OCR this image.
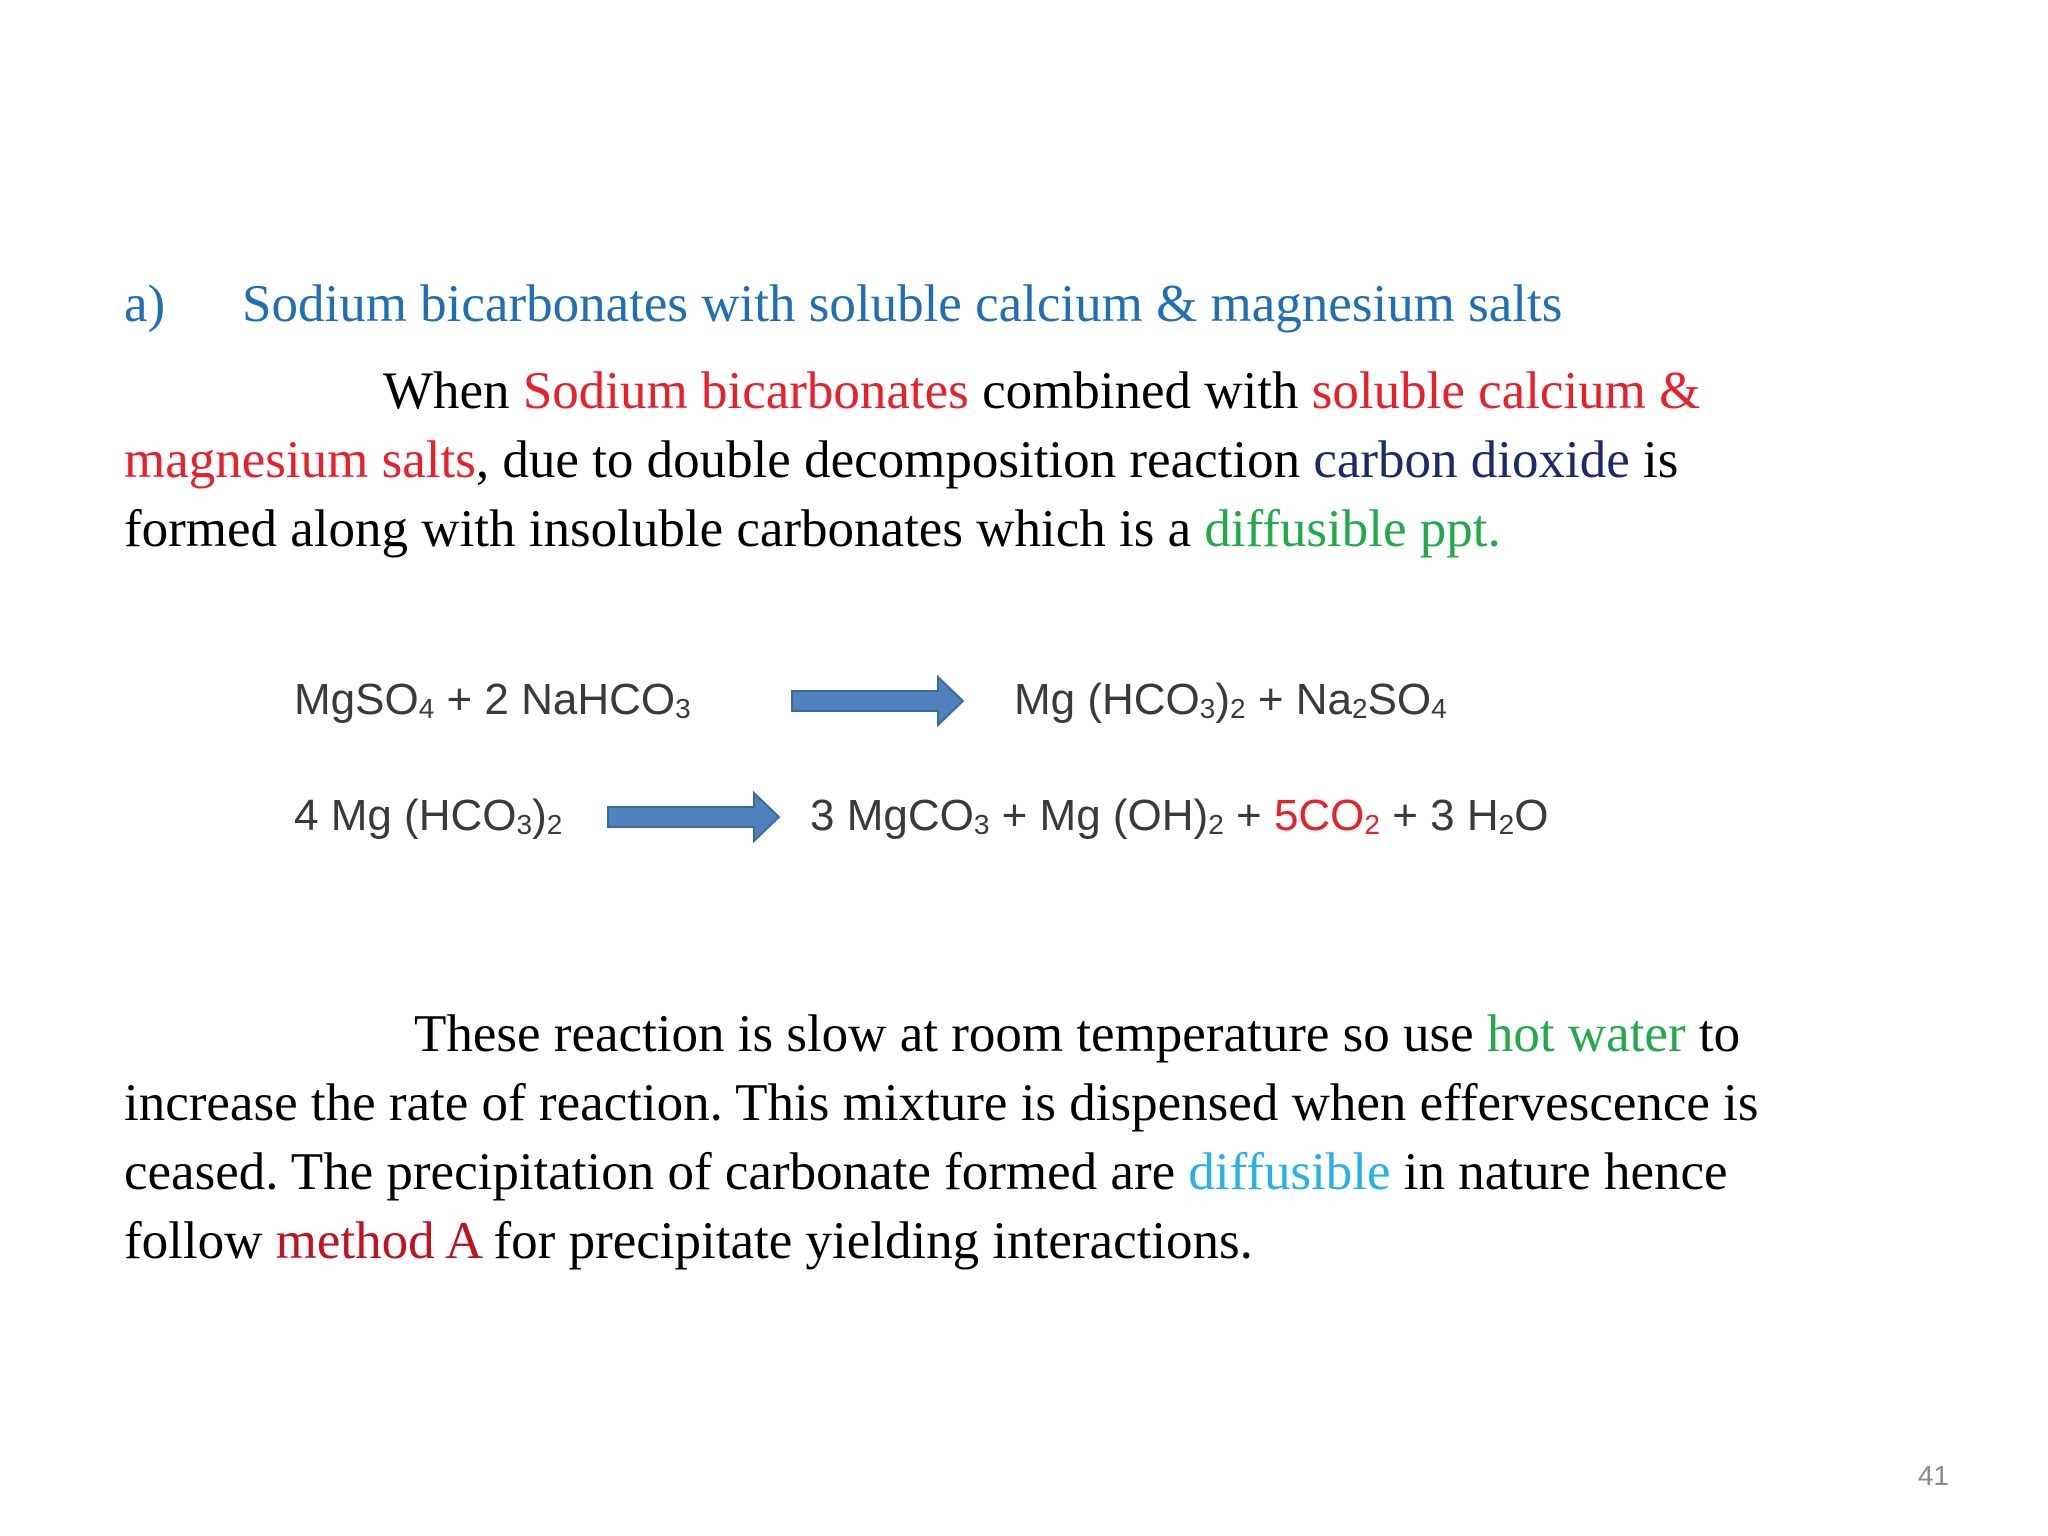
a) Sodium bicarbonates with soluble calcium & magnesium salts

When Sodium bicarbonates combined with soluble calcium &
magnesium salts, due to double decomposition reaction carbon dioxide is
formed along with insoluble carbonates which is a diffusible ppt.

MgSO$_4$ + 2 NaHCO$_3$	Mg $(HCO_3)_2 + Na_2SO_4$
4 Mg $(HCO_3)_2$	3 MgCO$_3$ + Mg $(OH)_2 + 5CO_2 + 3$ $H_2O$

These reaction is slow at room temperature so use hot water to
increase the rate of reaction. This mixture is dispensed when effervescence is
ceased. The precipitation of carbonate formed are diffusible in nature hence
follow method A for precipitate yielding interactions.

41
